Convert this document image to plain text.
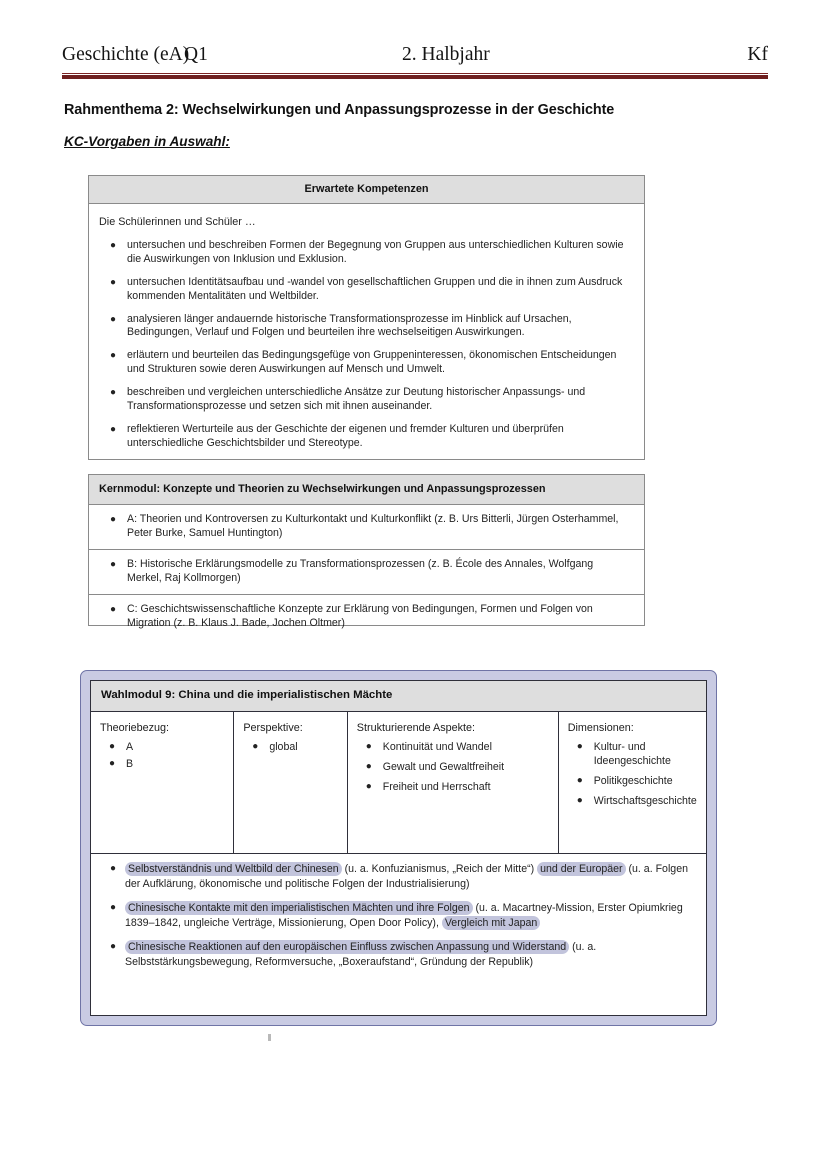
Geschichte (eA)
Q1	2. Halbjahr	Kf
Rahmenthema 2: Wechselwirkungen und Anpassungsprozesse in der Geschichte
KC-Vorgaben in Auswahl:
Erwartete Kompetenzen
Die Schülerinnen und Schüler …
● untersuchen und beschreiben Formen der Begegnung von Gruppen aus unterschiedlichen Kulturen sowie die Auswirkungen von Inklusion und Exklusion.
● untersuchen Identitätsaufbau und -wandel von gesellschaftlichen Gruppen und die in ihnen zum Ausdruck kommenden Mentalitäten und Weltbilder.
● analysieren länger andauernde historische Transformationsprozesse im Hinblick auf Ursachen, Bedingungen, Verlauf und Folgen und beurteilen ihre wechselseitigen Auswirkungen.
● erläutern und beurteilen das Bedingungsgefüge von Gruppeninteressen, ökonomischen Entscheidungen und Strukturen sowie deren Auswirkungen auf Mensch und Umwelt.
● beschreiben und vergleichen unterschiedliche Ansätze zur Deutung historischer Anpassungs- und Transformationsprozesse und setzen sich mit ihnen auseinander.
● reflektieren Werturteile aus der Geschichte der eigenen und fremder Kulturen und überprüfen unterschiedliche Geschichtsbilder und Stereotype.
Kernmodul: Konzepte und Theorien zu Wechselwirkungen und Anpassungsprozessen
● A: Theorien und Kontroversen zu Kulturkontakt und Kulturkonflikt (z. B. Urs Bitterli, Jürgen Osterhammel, Peter Burke, Samuel Huntington)
● B: Historische Erklärungsmodelle zu Transformationsprozessen (z. B. École des Annales, Wolfgang Merkel, Raj Kollmorgen)
● C: Geschichtswissenschaftliche Konzepte zur Erklärung von Bedingungen, Formen und Folgen von Migration (z. B. Klaus J. Bade, Jochen Oltmer)
Wahlmodul 9: China und die imperialistischen Mächte
Theoriebezug:
● A
● B
Perspektive:
● global
Strukturierende Aspekte:
● Kontinuität und Wandel
● Gewalt und Gewaltfreiheit
● Freiheit und Herrschaft
Dimensionen:
● Kultur- und Ideengeschichte
● Politikgeschichte
● Wirtschaftsgeschichte
● Selbstverständnis und Weltbild der Chinesen (u. a. Konfuzianismus, „Reich der Mitte“) und der Europäer (u. a. Folgen der Aufklärung, ökonomische und politische Folgen der Industrialisierung)
● Chinesische Kontakte mit den imperialistischen Mächten und ihre Folgen (u. a. Macartney-Mission, Erster Opiumkrieg 1839–1842, ungleiche Verträge, Missionierung, Open Door Policy), Vergleich mit Japan
● Chinesische Reaktionen auf den europäischen Einfluss zwischen Anpassung und Widerstand (u. a. Selbststärkungsbewegung, Reformversuche, „Boxeraufstand“, Gründung der Republik)
